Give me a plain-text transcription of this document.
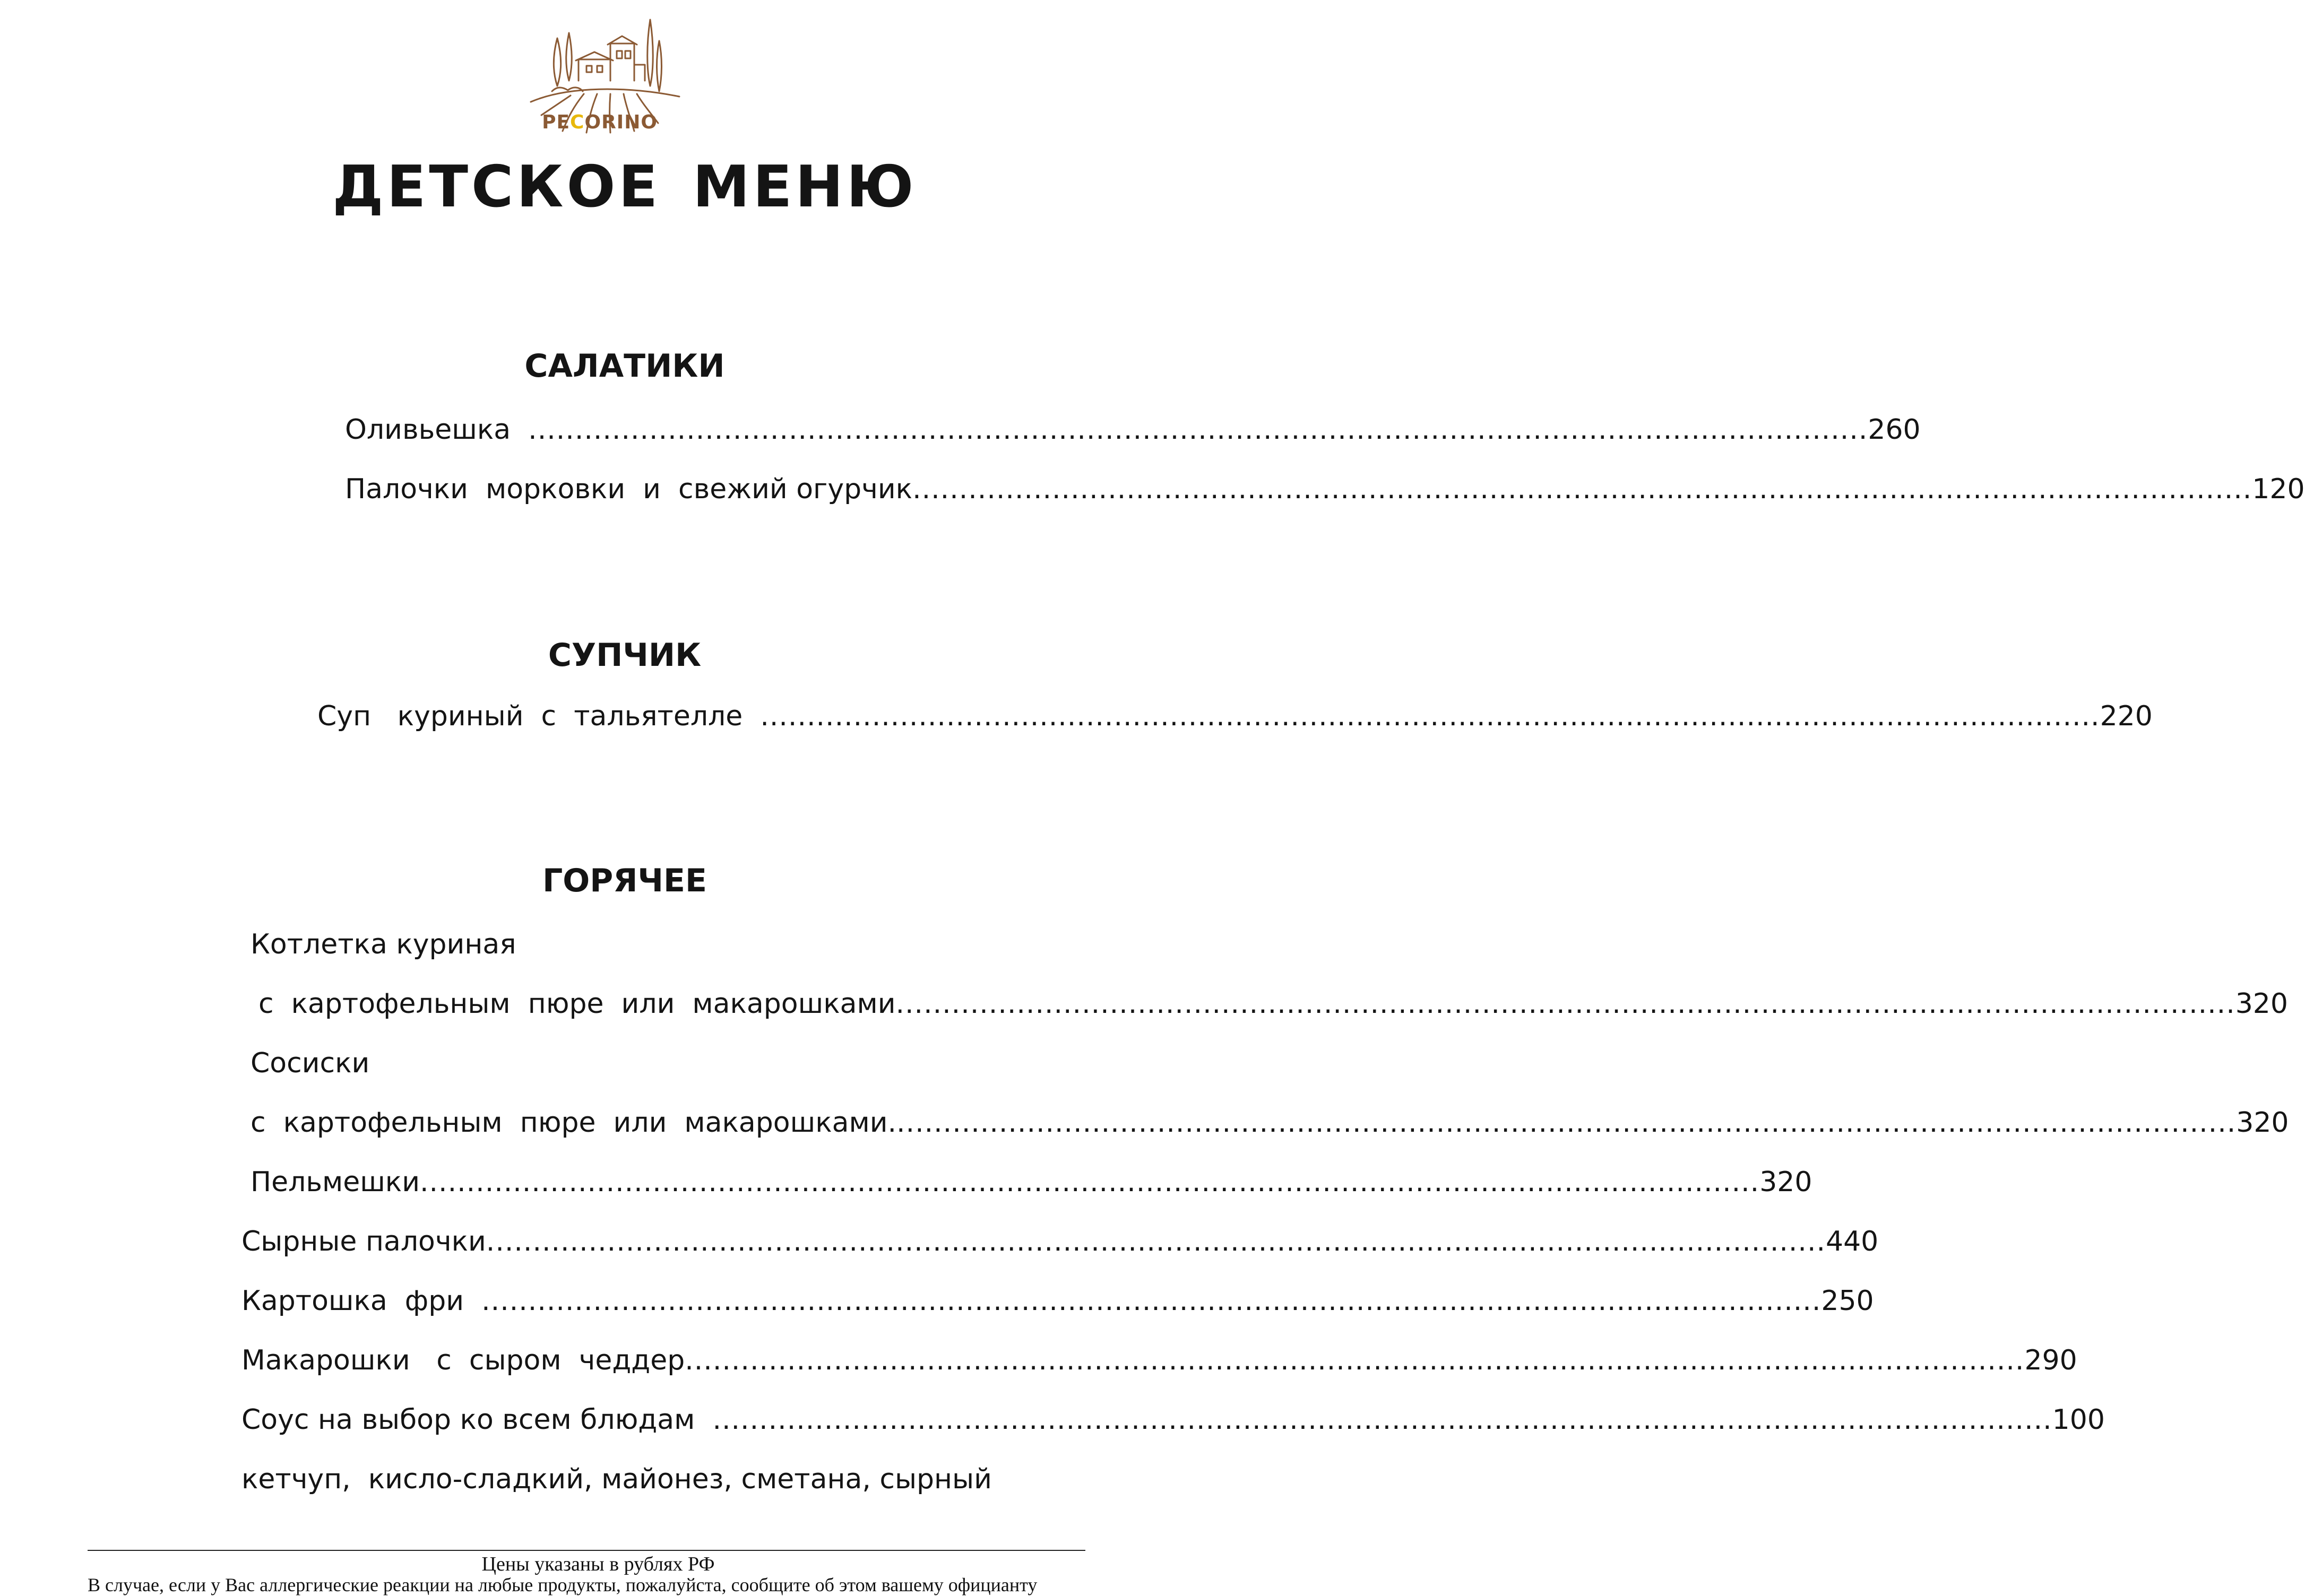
PECORINO
ДЕТСКОЕ МЕНЮ
САЛАТИКИ
Оливьешка ................................................................................................................................................ 260
Палочки  морковки  и  свежий огурчик ................................................................................................................................................ 120
СУПЧИК
Суп   куриный  с  тальятелле ................................................................................................................................................ 220
ГОРЯЧЕЕ
Котлетка куриная
с  картофельным  пюре  или  макарошками ................................................................................................................................................ 320
Сосиски
с  картофельным  пюре  или  макарошками. ................................................................................................................................................ 320
Пельмешки ................................................................................................................................................ 320
Сырные палочки ................................................................................................................................................ 440
Картошка  фри ................................................................................................................................................ 250
Макарошки   с  сыром  чеддер ................................................................................................................................................ 290
Соус на выбор ко всем блюдам ................................................................................................................................................ 100
кетчуп,  кисло-сладкий, майонез, сметана, сырный
Цены указаны в рублях РФ
В случае, если у Вас аллергические реакции на любые продукты, пожалуйста, сообщите об этом вашему официанту
